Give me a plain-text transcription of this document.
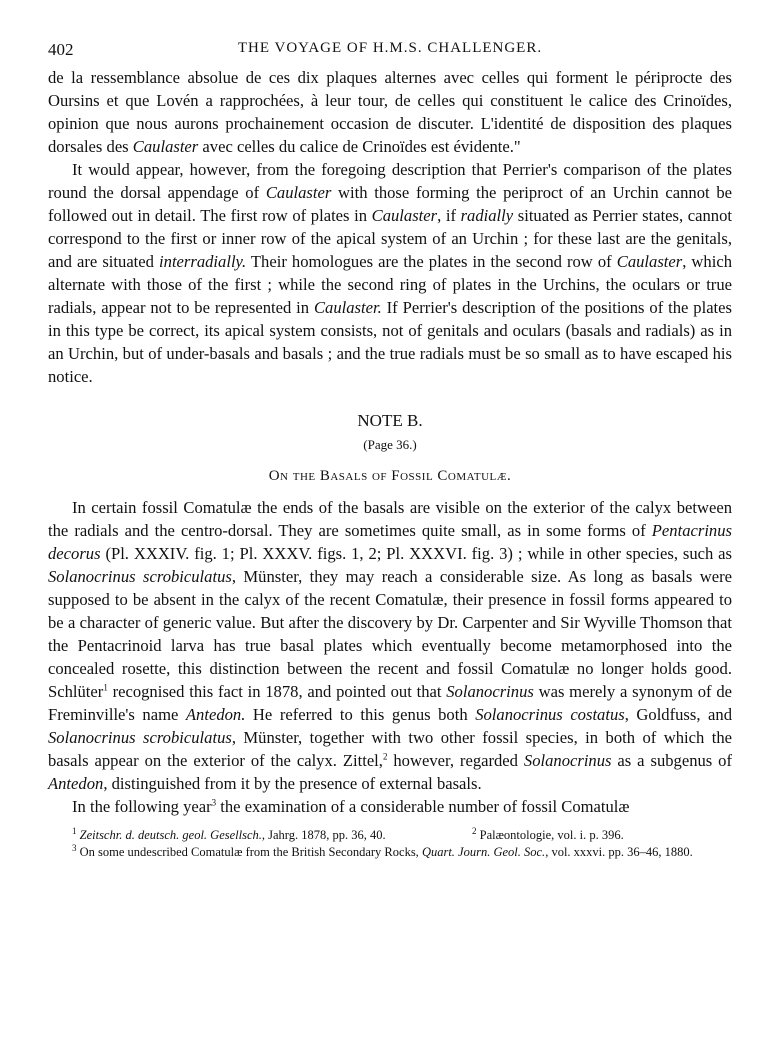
402	THE VOYAGE OF H.M.S. CHALLENGER.

de la ressemblance absolue de ces dix plaques alternes avec celles qui forment le périprocte des Oursins et que Lovén a rapprochées, à leur tour, de celles qui constituent le calice des Crinoïdes, opinion que nous aurons prochainement occasion de discuter. L'identité de disposition des plaques dorsales des Caulaster avec celles du calice de Crinoïdes est évidente."

It would appear, however, from the foregoing description that Perrier's comparison of the plates round the dorsal appendage of Caulaster with those forming the periproct of an Urchin cannot be followed out in detail. The first row of plates in Caulaster, if radially situated as Perrier states, cannot correspond to the first or inner row of the apical system of an Urchin ; for these last are the genitals, and are situated interradially. Their homologues are the plates in the second row of Caulaster, which alternate with those of the first ; while the second ring of plates in the Urchins, the oculars or true radials, appear not to be represented in Caulaster. If Perrier's description of the positions of the plates in this type be correct, its apical system consists, not of genitals and oculars (basals and radials) as in an Urchin, but of under-basals and basals ; and the true radials must be so small as to have escaped his notice.

NOTE B.
(Page 36.)
On the Basals of Fossil Comatulæ.

In certain fossil Comatulæ the ends of the basals are visible on the exterior of the calyx between the radials and the centro-dorsal. They are sometimes quite small, as in some forms of Pentacrinus decorus (Pl. XXXIV. fig. 1; Pl. XXXV. figs. 1, 2; Pl. XXXVI. fig. 3) ; while in other species, such as Solanocrinus scrobiculatus, Münster, they may reach a considerable size. As long as basals were supposed to be absent in the calyx of the recent Comatulæ, their presence in fossil forms appeared to be a character of generic value. But after the discovery by Dr. Carpenter and Sir Wyville Thomson that the Pentacrinoid larva has true basal plates which eventually become metamorphosed into the concealed rosette, this distinction between the recent and fossil Comatulæ no longer holds good. Schlüter$^1$ recognised this fact in 1878, and pointed out that Solanocrinus was merely a synonym of de Freminville's name Antedon. He referred to this genus both Solanocrinus costatus, Goldfuss, and Solanocrinus scrobiculatus, Münster, together with two other fossil species, in both of which the basals appear on the exterior of the calyx. Zittel,$^2$ however, regarded Solanocrinus as a subgenus of Antedon, distinguished from it by the presence of external basals.

In the following year$^3$ the examination of a considerable number of fossil Comatulæ

$^1$ Zeitschr. d. deutsch. geol. Gesellsch., Jahrg. 1878, pp. 36, 40.	$^2$ Palæontologie, vol. i. p. 396.
$^3$ On some undescribed Comatulæ from the British Secondary Rocks, Quart. Journ. Geol. Soc., vol. xxxvi. pp. 36–46, 1880.
